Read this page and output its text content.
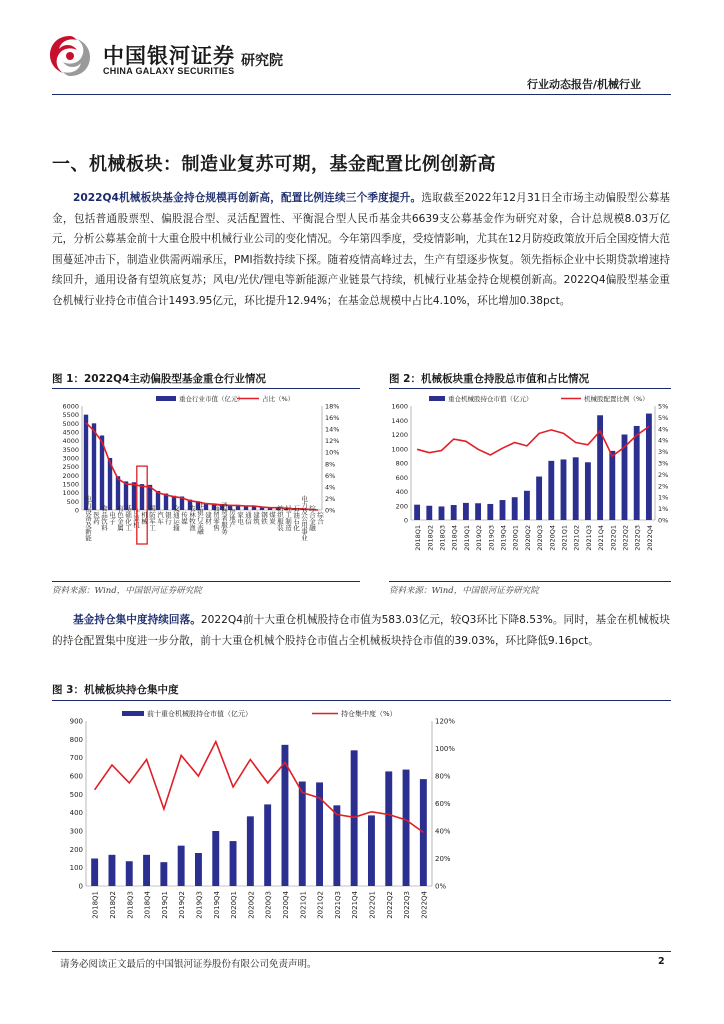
中国银河证券
CHINA GALAXY SECURITIES
研究院
行业动态报告/机械行业
一、机械板块：制造业复苏可期，基金配置比例创新高
2022Q4机械板块基金持仓规模再创新高，配置比例连续三个季度提升。选取截至2022年12月31日全市场主动偏股型公募基金，包括普通股票型、偏股混合型、灵活配置性、平衡混合型人民币基金共6639支公募基金作为研究对象，合计总规模8.03万亿元，分析公募基金前十大重仓股中机械行业公司的变化情况。今年第四季度，受疫情影响，尤其在12月防疫政策放开后全国疫情大范围蔓延冲击下，制造业供需两端承压，PMI指数持续下探。随着疫情高峰过去，生产有望逐步恢复。领先指标企业中长期贷款增速持续回升，通用设备有望筑底复苏；风电/光伏/锂电等新能源产业链景气持续，机械行业基金持仓规模创新高。2022Q4偏股型基金重仓机械行业持仓市值合计1493.95亿元，环比提升12.94%；在基金总规模中占比4.10%，环比增加0.38pct。
图 1：2022Q4主动偏股型基金重仓行业情况
0
500
1000
1500
2000
2500
3000
3500
4000
4500
5000
5500
6000
0%
2%
4%
6%
8%
10%
12%
14%
16%
18%
电力设备及新能 医药 食品饮料 电子 有色金属 基础化工 计算机 机械 国防军工 汽车 银行 交通运输 传媒 农林牧渔 非银行金融 建材 商贸零售 消费者服务 房地产 家电 通信 建筑 钢铁 煤炭 纺织服装 轻工制造 石油石化 电力及公用事业 综合金融 综合
重仓行业市值（亿元）	占比（%）
资料来源：Wind，中国银河证券研究院
图 2：机械板块重仓持股总市值和占比情况
0
200
400
600
800
1000
1200
1400
1600
0%
1%
1%
2%
2%
3%
3%
4%
4%
5%
5%
2018Q1 2018Q2 2018Q3 2018Q4 2019Q1 2019Q2 2019Q3 2019Q4 2020Q1 2020Q2 2020Q3 2020Q4 2021Q1 2021Q2 2021Q3 2021Q4 2022Q1 2022Q2 2022Q3 2022Q4
重仓机械股持仓市值（亿元）	机械股配置比例（%）
资料来源：Wind，中国银河证券研究院
基金持仓集中度持续回落。2022Q4前十大重仓机械股持仓市值为583.03亿元，较Q3环比下降8.53%。同时，基金在机械板块的持仓配置集中度进一步分散，前十大重仓机械个股持仓市值占全机械板块持仓市值的39.03%，环比降低9.16pct。
图 3：机械板块持仓集中度
0
100
200
300
400
500
600
700
800
900
0%
20%
40%
60%
80%
100%
120%
2018Q1 2018Q2 2018Q3 2018Q4 2019Q1 2019Q2 2019Q3 2019Q4 2020Q1 2020Q2 2020Q3 2020Q4 2021Q1 2021Q2 2021Q3 2021Q4 2022Q1 2022Q2 2022Q3 2022Q4
前十重仓机械股持仓市值（亿元）	持仓集中度（%）
请务必阅读正文最后的中国银河证券股份有限公司免责声明。	2
